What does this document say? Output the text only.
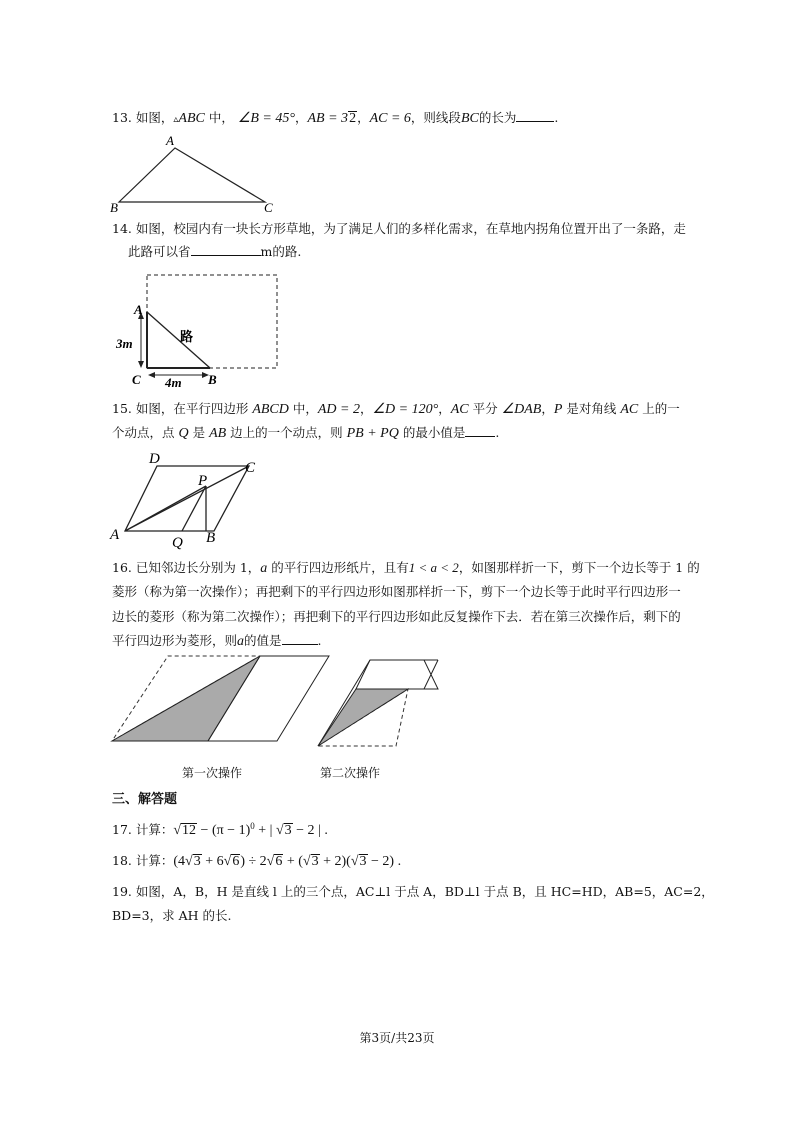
13. 如图，▵ABC 中， ∠B = 45°，AB = 32，AC = 6，则线段BC的长为	.
A
B	C
14. 如图，校园内有一块长方形草地，为了满足人们的多样化需求，在草地内拐角位置开出了一条路，走
此路可以省	m的路.
A
C	B
3m
4m
路
15. 如图，在平行四边形 ABCD 中，AD = 2，∠D = 120°，AC 平分 ∠DAB，P 是对角线 AC 上的一
个动点，点 Q 是 AB 边上的一个动点，则 PB + PQ 的最小值是 .
A
D
C
P
Q B
16. 已知邻边长分别为 1，a 的平行四边形纸片，且有1 < a < 2，如图那样折一下，剪下一个边长等于 1 的
菱形（称为第一次操作）；再把剩下的平行四边形如图那样折一下，剪下一个边长等于此时平行四边形一
边长的菱形（称为第二次操作）；再把剩下的平行四边形如此反复操作下去．若在第三次操作后，剩下的
平行四边形为菱形，则a的值是	.
第一次操作	第二次操作
三、解答题
17. 计算：$√12 - (\pi - 1)^0$ + | √3 − 2 | .
18. 计算：(4√3 + 6√6) ÷ 2√6 + (√3 + 2)(√3 − 2) .
19. 如图，A，B，H 是直线 l 上的三个点，AC⊥l 于点 A，BD⊥l 于点 B，且 HC=HD，AB=5，AC=2，
BD=3，求 AH 的长.
第3页/共23页
